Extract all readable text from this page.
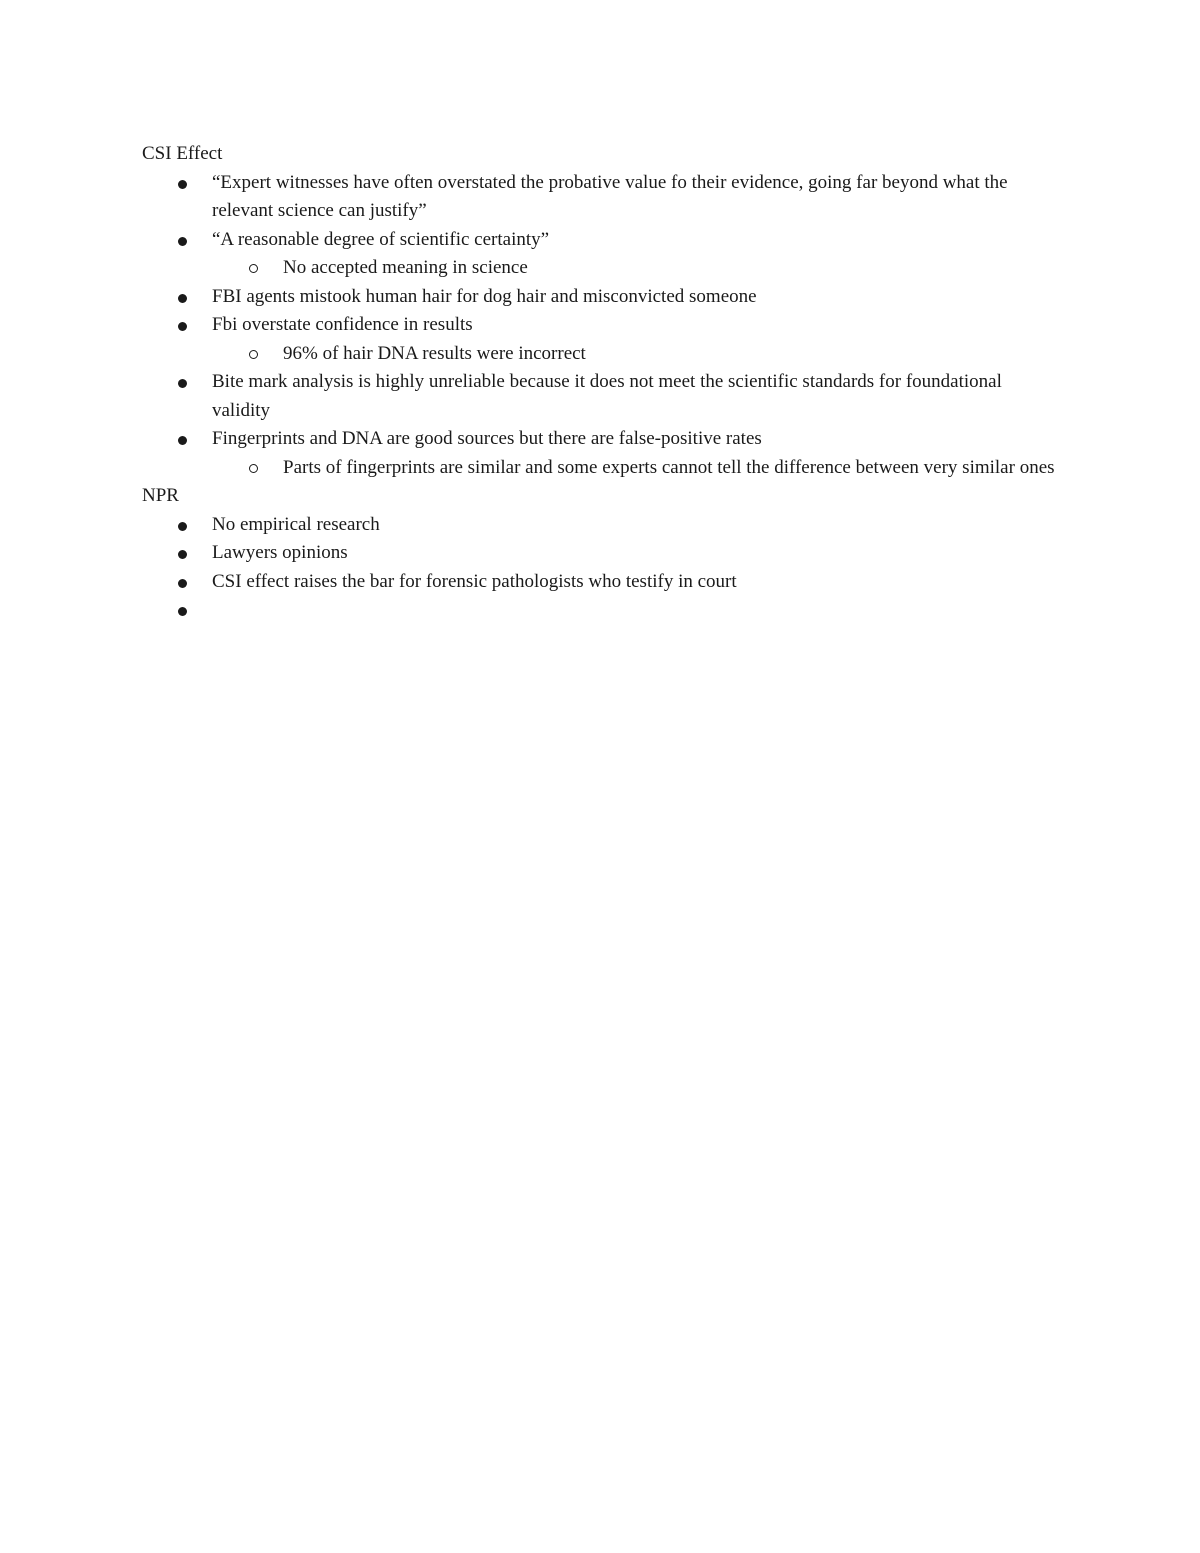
CSI Effect
“Expert witnesses have often overstated the probative value fo their evidence, going far beyond what the relevant science can justify”
“A reasonable degree of scientific certainty”
No accepted meaning in science
FBI agents mistook human hair for dog hair and misconvicted someone
Fbi overstate confidence in results
96% of hair DNA results were incorrect
Bite mark analysis is highly unreliable because it does not meet the scientific standards for foundational validity
Fingerprints and DNA are good sources but there are false-positive rates
Parts of fingerprints are similar and some experts cannot tell the difference between very similar ones
NPR
No empirical research
Lawyers opinions
CSI effect raises the bar for forensic pathologists who testify in court
